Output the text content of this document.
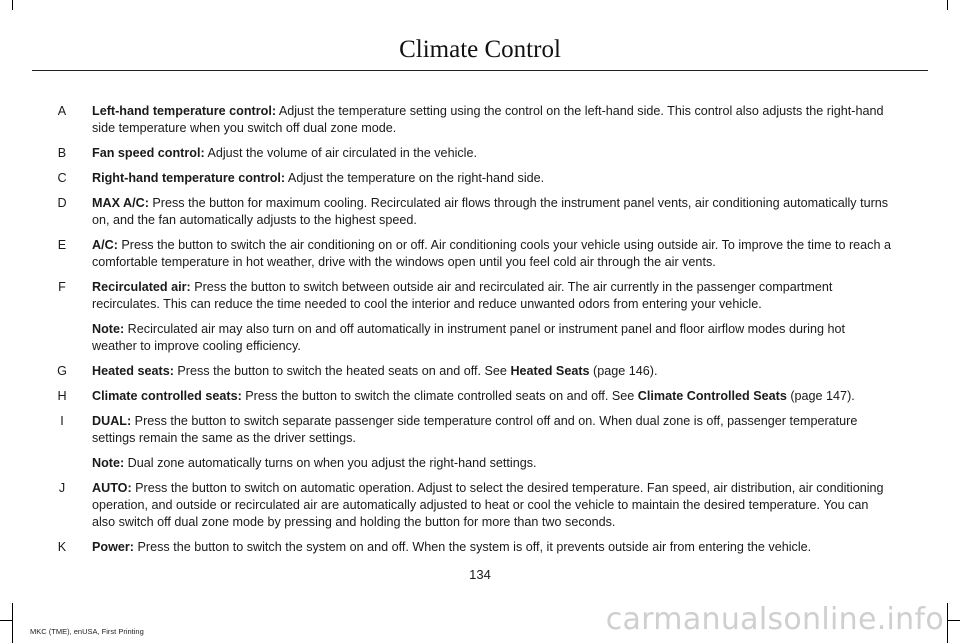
Climate Control
A	Left-hand temperature control: Adjust the temperature setting using the control on the left-hand side. This control also adjusts the right-hand side temperature when you switch off dual zone mode.
B	Fan speed control: Adjust the volume of air circulated in the vehicle.
C Right-hand temperature control: Adjust the temperature on the right-hand side.
D MAX A/C: Press the button for maximum cooling. Recirculated air flows through the instrument panel vents, air conditioning automatically turns on, and the fan automatically adjusts to the highest speed.
E	A/C: Press the button to switch the air conditioning on or off. Air conditioning cools your vehicle using outside air. To improve the time to reach a comfortable temperature in hot weather, drive with the windows open until you feel cold air through the air vents.
F	Recirculated air: Press the button to switch between outside air and recirculated air. The air currently in the passenger compartment recirculates. This can reduce the time needed to cool the interior and reduce unwanted odors from entering your vehicle.
Note: Recirculated air may also turn on and off automatically in instrument panel or instrument panel and floor airflow modes during hot weather to improve cooling efficiency.
G Heated seats: Press the button to switch the heated seats on and off. See Heated Seats (page 146).
H Climate controlled seats: Press the button to switch the climate controlled seats on and off. See Climate Controlled Seats (page 147).
I	DUAL: Press the button to switch separate passenger side temperature control off and on. When dual zone is off, passenger temperature settings remain the same as the driver settings.
Note: Dual zone automatically turns on when you adjust the right-hand settings.
J	AUTO: Press the button to switch on automatic operation. Adjust to select the desired temperature. Fan speed, air distribution, air conditioning operation, and outside or recirculated air are automatically adjusted to heat or cool the vehicle to maintain the desired temperature. You can also switch off dual zone mode by pressing and holding the button for more than two seconds.
K	Power: Press the button to switch the system on and off. When the system is off, it prevents outside air from entering the vehicle.
134
MKC (TME), enUSA, First Printing	carmanualsonline.info
